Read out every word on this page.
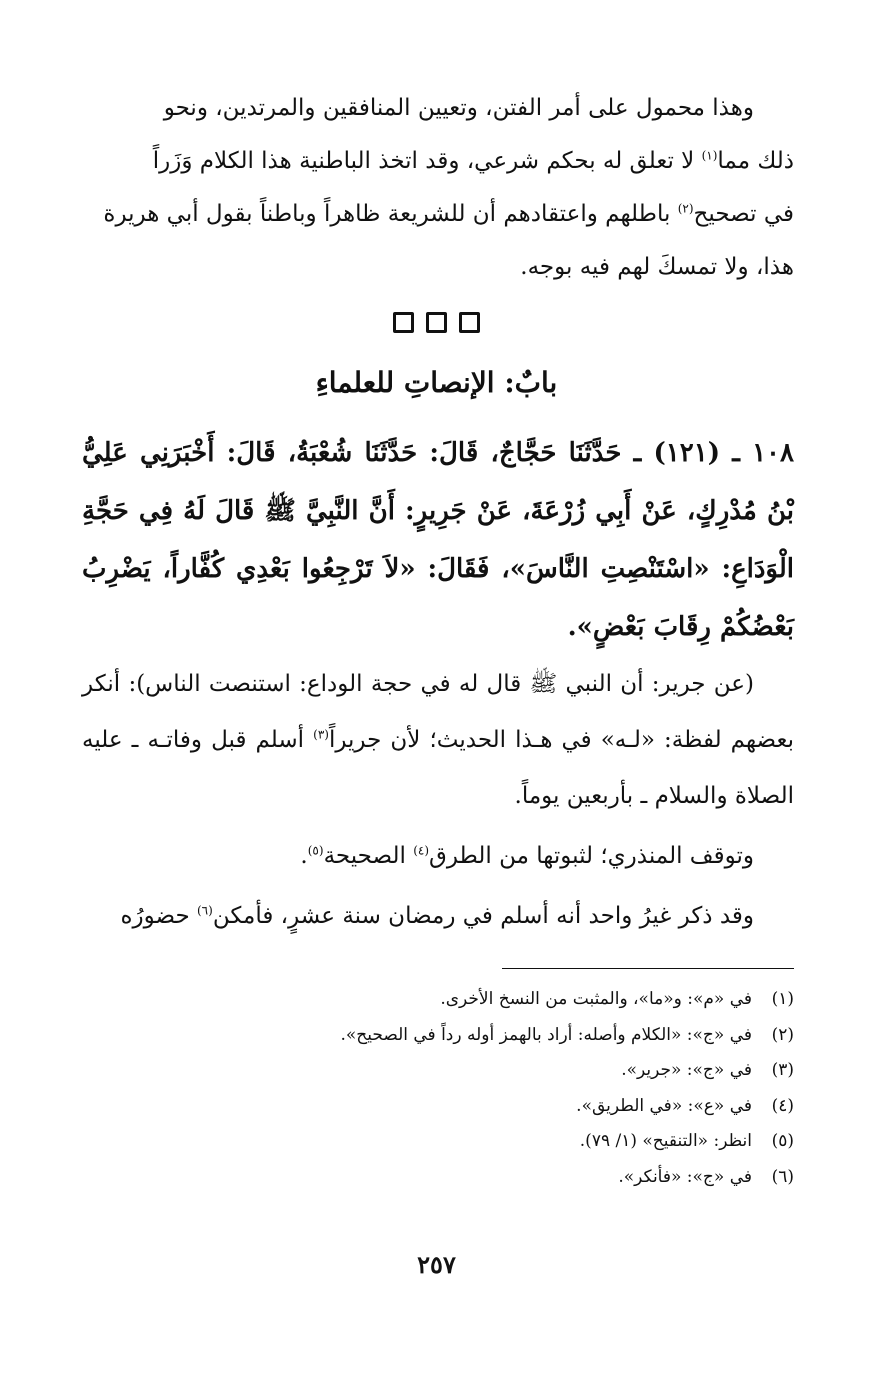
وهذا محمول على أمر الفتن، وتعيين المنافقين والمرتدين، ونحو

ذلك مما$^{(١)}$ لا تعلق له بحكم شرعي، وقد اتخذ الباطنية هذا الكلام وَزَراً

في تصحيح$^{(٢)}$ باطلهم واعتقادهم أن للشريعة ظاهراً وباطناً بقول أبي هريرة

هذا، ولا تمسكَ لهم فيه بوجه.

بابٌ: الإنصاتِ للعلماءِ

١٠٨ ـ (١٢١) ـ حَدَّثَنَا حَجَّاجٌ، قَالَ: حَدَّثَنَا شُعْبَةُ، قَالَ: أَخْبَرَنِي عَلِيُّ بْنُ مُدْرِكٍ، عَنْ أَبِي زُرْعَةَ، عَنْ جَرِيرٍ: أَنَّ النَّبِيَّ ﷺ قَالَ لَهُ فِي حَجَّةِ الْوَدَاعِ: «اسْتَنْصِتِ النَّاسَ»، فَقَالَ: «لاَ تَرْجِعُوا بَعْدِي كُفَّاراً، يَضْرِبُ بَعْضُكُمْ رِقَابَ بَعْضٍ».

(عن جرير: أن النبي ﷺ قال له في حجة الوداع: استنصت الناس): أنكر بعضهم لفظة: «لـه» في هـذا الحديث؛ لأن جريراً$^{(٣)}$ أسلم قبل وفاتـه ـ عليه الصلاة والسلام ـ بأربعين يوماً.

وتوقف المنذري؛ لثبوتها من الطرق$^{(٤)}$ الصحيحة$^{(٥)}$.

وقد ذكر غيرُ واحد أنه أسلم في رمضان سنة عشرٍ، فأمكن$^{(٦)}$ حضورُه

(١)في «م»: و«ما»، والمثبت من النسخ الأخرى.
(٢)في «ج»: «الكلام وأصله: أراد بالهمز أوله رداً في الصحيح».
(٣)في «ج»: «جرير».
(٤)في «ع»: «في الطريق».
(٥)انظر: «التنقيح» (١/ ٧٩).
(٦)في «ج»: «فأنكر».
٢٥٧
